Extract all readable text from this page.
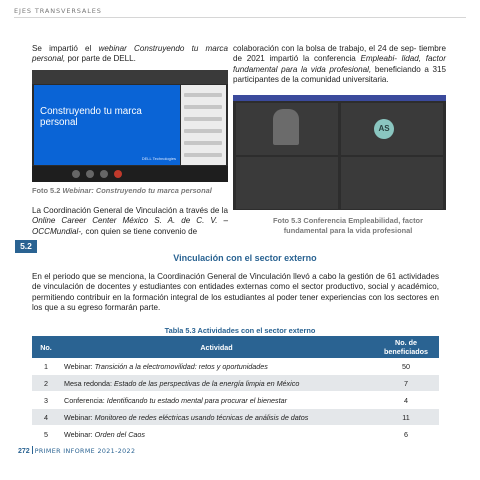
EJES TRANSVERSALES
Se impartió el webinar Construyendo tu marca personal, por parte de DELL.
colaboración con la bolsa de trabajo, el 24 de sep- tiembre de 2021 impartió la conferencia Empleabi- lidad, factor fundamental para la vida profesional, beneficiando a 315 participantes de la comunidad universitaria.
Construyendo tu marca personal
DELL Technologies
Foto 5.2 Webinar: Construyendo tu marca personal
La Coordinación General de Vinculación a través de la Online Career Center México S. A. de C. V. –OCCMundial-, con quien se tiene convenio de
AS
Foto 5.3 Conferencia Empleabilidad, factor
fundamental para la vida profesional
5.2
Vinculación con el sector externo
En el periodo que se menciona, la Coordinación General de Vinculación llevó a cabo la gestión de 61 actividades de vinculación de docentes y estudiantes con entidades externas como el sector productivo, social y académico, permitiendo contribuir en la formación integral de los estudiantes al poder tener experiencias con los sectores en los que a su egreso formarán parte.
Tabla 5.3 Actividades con el sector externo
No.	Actividad	No. de beneficiados
1	Webinar: Transición a la electromovilidad: retos y oportunidades	50
2	Mesa redonda: Estado de las perspectivas de la energía limpia en México	7
3	Conferencia: Identificando tu estado mental para procurar el bienestar	4
4	Webinar: Monitoreo de redes eléctricas usando técnicas de análisis de datos	11
5	Webinar: Orden del Caos	6
272 PRIMER INFORME 2021-2022
